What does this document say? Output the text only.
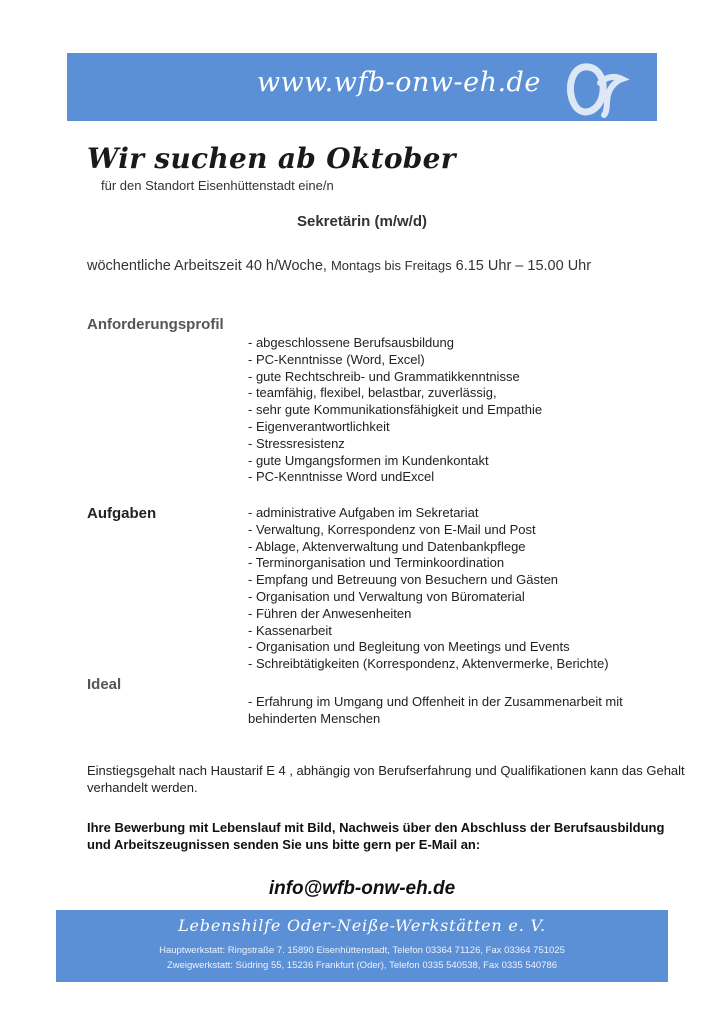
www.wfb-onw-eh.de
Wir suchen ab Oktober
für den Standort Eisenhüttenstadt eine/n
Sekretärin (m/w/d)
wöchentliche Arbeitszeit 40 h/Woche, Montags bis Freitags 6.15 Uhr – 15.00 Uhr
Anforderungsprofil
- abgeschlossene Berufsausbildung
- PC-Kenntnisse (Word, Excel)
- gute Rechtschreib- und Grammatikkenntnisse
- teamfähig, flexibel, belastbar, zuverlässig,
- sehr gute Kommunikationsfähigkeit und Empathie
- Eigenverantwortlichkeit
- Stressresistenz
- gute Umgangsformen im Kundenkontakt
- PC-Kenntnisse Word undExcel
Aufgaben	- administrative Aufgaben im Sekretariat
- Verwaltung, Korrespondenz von E-Mail und Post
- Ablage, Aktenverwaltung und Datenbankpflege
- Terminorganisation und Terminkoordination
- Empfang und Betreuung von Besuchern und Gästen
- Organisation und Verwaltung von Büromaterial
- Führen der Anwesenheiten
- Kassenarbeit
- Organisation und Begleitung von Meetings und Events
- Schreibtätigkeiten (Korrespondenz, Aktenvermerke, Berichte)
Ideal
- Erfahrung im Umgang und Offenheit in der Zusammenarbeit mit behinderten Menschen
Einstiegsgehalt nach Haustarif E 4 , abhängig von Berufserfahrung und Qualifikationen kann das Gehalt verhandelt werden.
Ihre Bewerbung mit Lebenslauf mit Bild, Nachweis über den Abschluss der Berufsausbildung und Arbeitszeugnissen senden Sie uns bitte gern per E-Mail an:
info@wfb-onw-eh.de
Lebenshilfe Oder-Neiße-Werkstätten e. V.
Hauptwerkstatt: Ringstraße 7. 15890 Eisenhüttenstadt, Telefon 03364 71126, Fax 03364 751025
Zweigwerkstatt: Südring 55, 15236 Frankfurt (Oder), Telefon 0335 540538, Fax 0335 540786
